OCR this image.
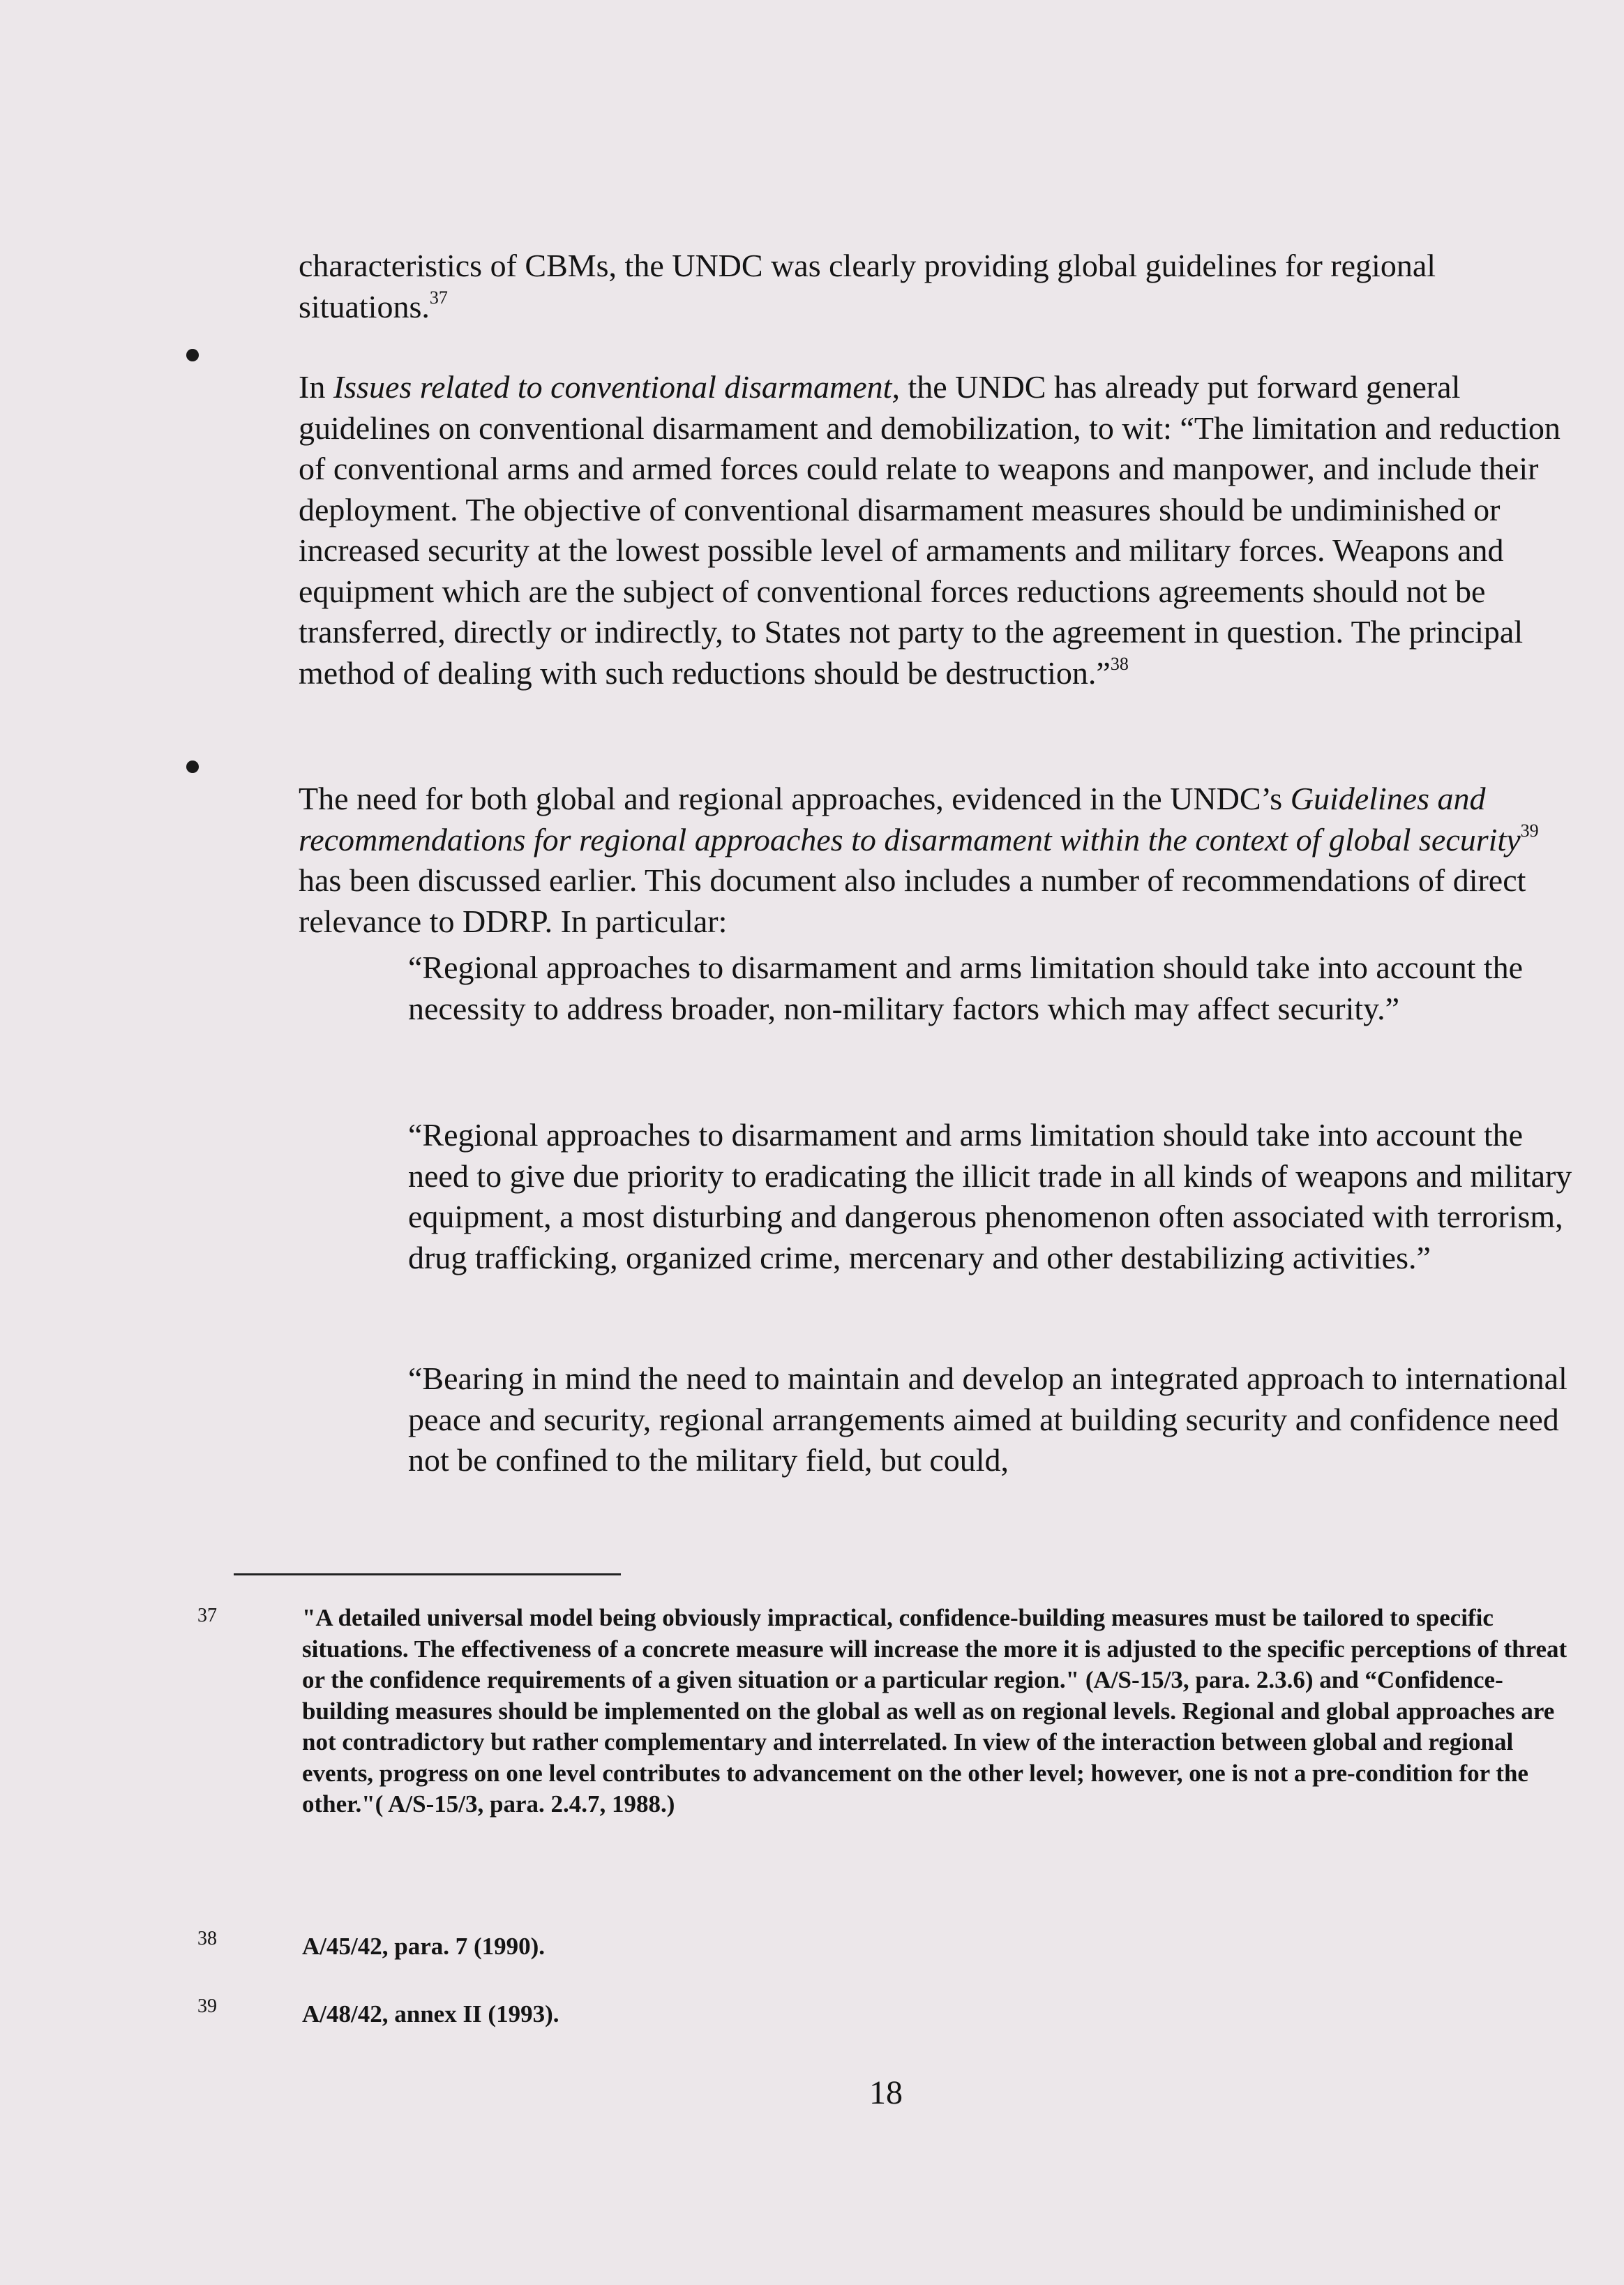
characteristics of CBMs, the UNDC was clearly providing global guidelines for regional situations.$^{37}$

In Issues related to conventional disarmament, the UNDC has already put forward general guidelines on conventional disarmament and demobilization, to wit: “The limitation and reduction of conventional arms and armed forces could relate to weapons and manpower, and include their deployment. The objective of conventional disarmament measures should be undiminished or increased security at the lowest possible level of armaments and military forces. Weapons and equipment which are the subject of conventional forces reductions agreements should not be transferred, directly or indirectly, to States not party to the agreement in question. The principal method of dealing with such reductions should be destruction.”$^{38}$

The need for both global and regional approaches, evidenced in the UNDC’s Guidelines and recommendations for regional approaches to disarmament within the context of global security$^{39}$ has been discussed earlier. This document also includes a number of recommendations of direct relevance to DDRP. In particular:

“Regional approaches to disarmament and arms limitation should take into account the necessity to address broader, non-military factors which may affect security.”

“Regional approaches to disarmament and arms limitation should take into account the need to give due priority to eradicating the illicit trade in all kinds of weapons and military equipment, a most disturbing and dangerous phenomenon often associated with terrorism, drug trafficking, organized crime, mercenary and other destabilizing activities.”

“Bearing in mind the need to maintain and develop an integrated approach to international peace and security, regional arrangements aimed at building security and confidence need not be confined to the military field, but could,

37	"A detailed universal model being obviously impractical, confidence-building measures must be tailored to specific situations. The effectiveness of a concrete measure will increase the more it is adjusted to the specific perceptions of threat or the confidence requirements of a given situation or a particular region." (A/S-15/3, para. 2.3.6) and “Confidence-building measures should be implemented on the global as well as on regional levels. Regional and global approaches are not contradictory but rather complementary and interrelated. In view of the interaction between global and regional events, progress on one level contributes to advancement on the other level; however, one is not a pre-condition for the other."( A/S-15/3, para. 2.4.7, 1988.)

38	A/45/42, para. 7 (1990).

39	A/48/42, annex II (1993).

18
